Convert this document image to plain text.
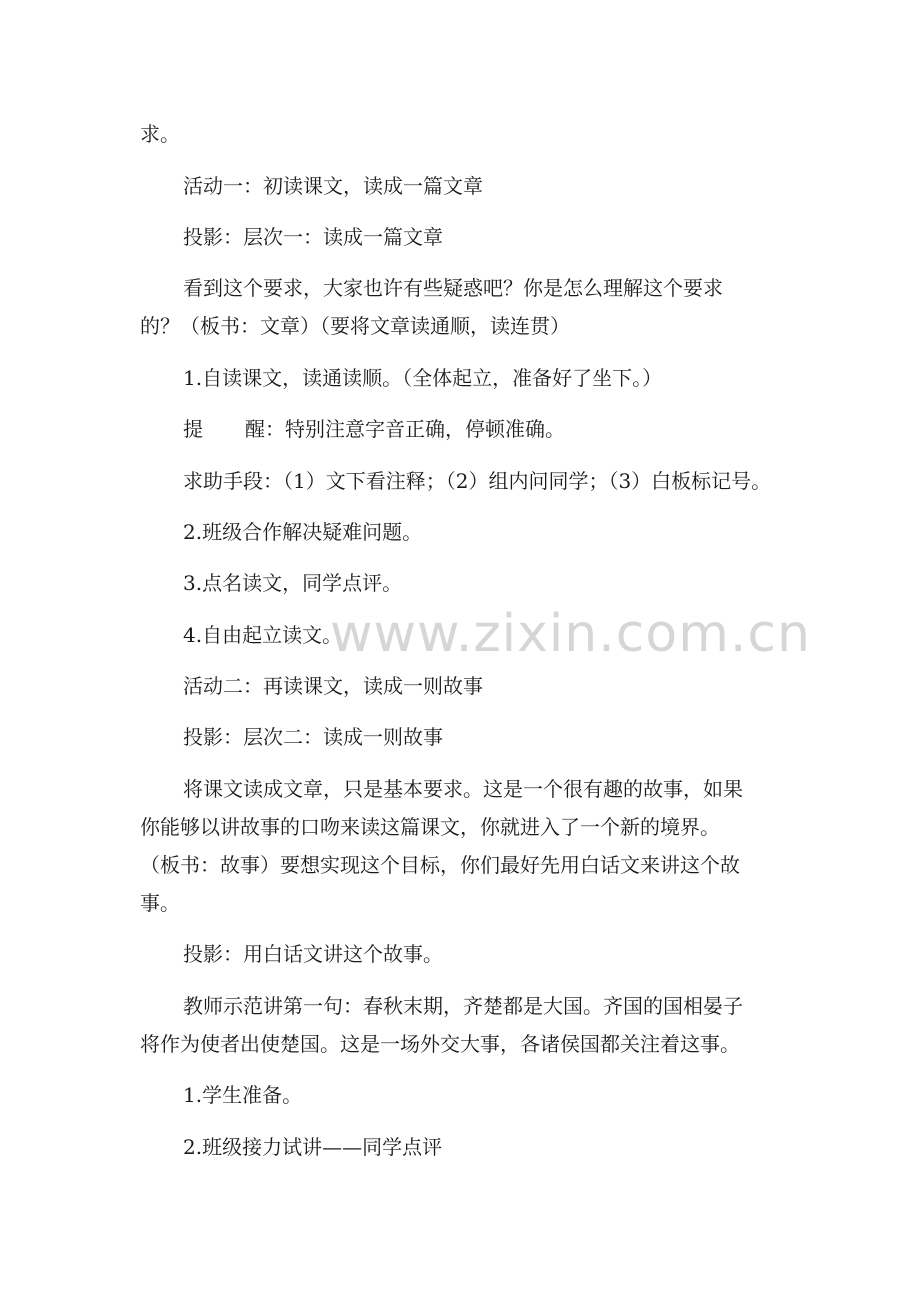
求。
活动一：初读课文，读成一篇文章
投影：层次一：读成一篇文章
看到这个要求，大家也许有些疑惑吧？你是怎么理解这个要求
的？（板书：文章）（要将文章读通顺，读连贯）
1.自读课文，读通读顺。（全体起立，准备好了坐下。）
提 醒：特别注意字音正确，停顿准确。
求助手段：（1）文下看注释；（2）组内问同学；（3）白板标记号。
2.班级合作解决疑难问题。
3.点名读文，同学点评。
4.自由起立读文。
活动二：再读课文，读成一则故事
投影：层次二：读成一则故事
将课文读成文章，只是基本要求。这是一个很有趣的故事，如果
你能够以讲故事的口吻来读这篇课文，你就进入了一个新的境界。
（板书：故事）要想实现这个目标，你们最好先用白话文来讲这个故
事。
投影：用白话文讲这个故事。
教师示范讲第一句：春秋末期，齐楚都是大国。齐国的国相晏子
将作为使者出使楚国。这是一场外交大事，各诸侯国都关注着这事。
1.学生准备。
2.班级接力试讲——同学点评
www.zixin.com.cn
